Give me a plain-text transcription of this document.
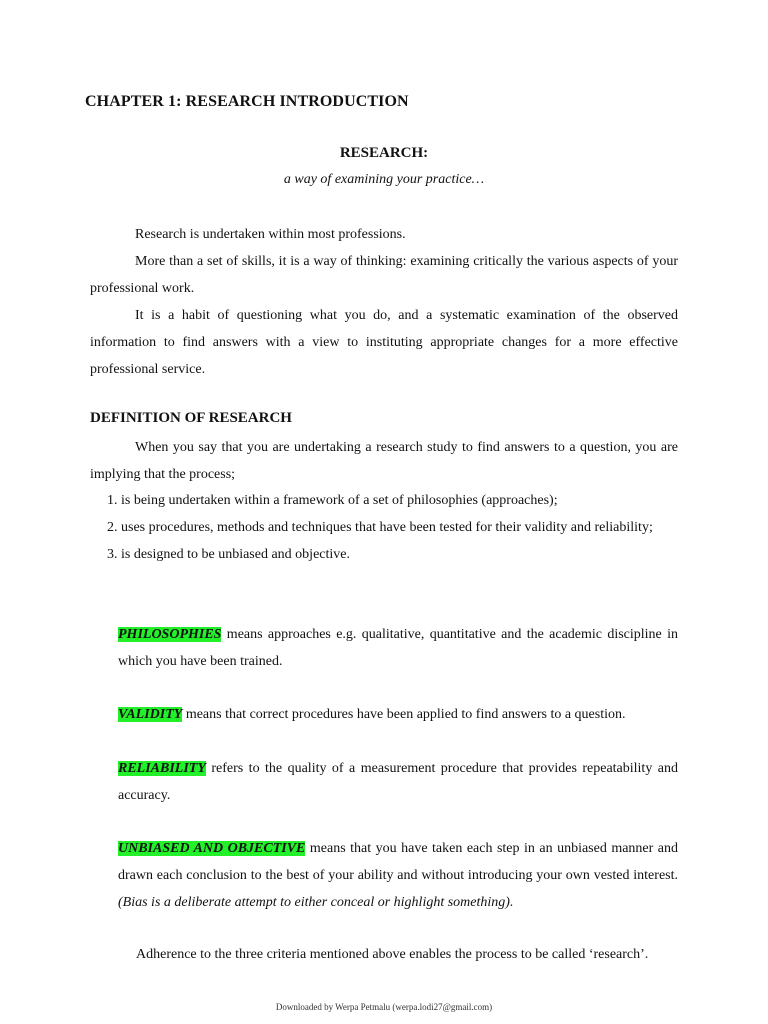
CHAPTER 1: RESEARCH INTRODUCTION
RESEARCH:
a way of examining your practice…

Research is undertaken within most professions.

More than a set of skills, it is a way of thinking: examining critically the various aspects of your professional work.

It is a habit of questioning what you do, and a systematic examination of the observed information to find answers with a view to instituting appropriate changes for a more effective professional service.

DEFINITION OF RESEARCH

When you say that you are undertaking a research study to find answers to a question, you are implying that the process;

1. is being undertaken within a framework of a set of philosophies (approaches);

2. uses procedures, methods and techniques that have been tested for their validity and reliability;

3. is designed to be unbiased and objective.

PHILOSOPHIES means approaches e.g. qualitative, quantitative and the academic discipline in which you have been trained.
VALIDITY means that correct procedures have been applied to find answers to a question.
RELIABILITY refers to the quality of a measurement procedure that provides repeatability and accuracy.
UNBIASED AND OBJECTIVE means that you have taken each step in an unbiased manner and drawn each conclusion to the best of your ability and without introducing your own vested interest. (Bias is a deliberate attempt to either conceal or highlight something).
Adherence to the three criteria mentioned above enables the process to be called ‘research’.
Downloaded by Werpa Petmalu (werpa.lodi27@gmail.com)
